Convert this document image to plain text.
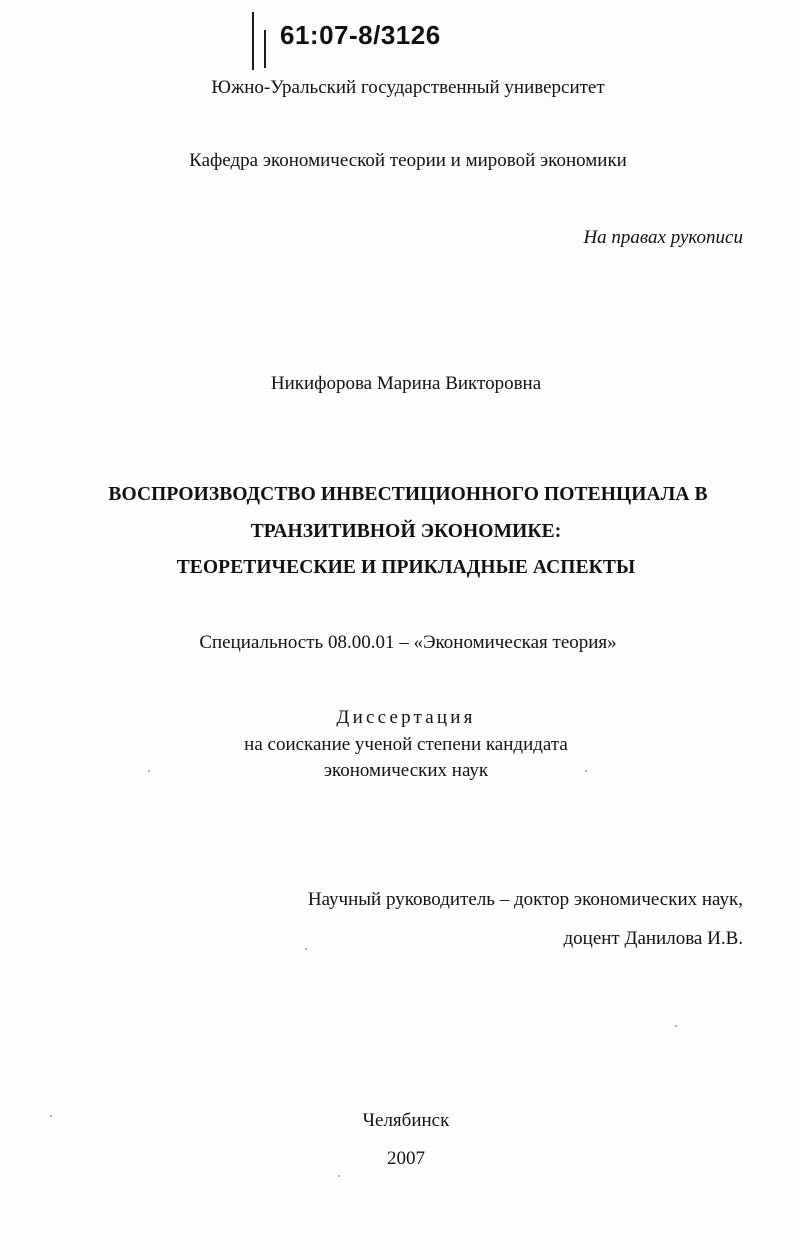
61:07-8/3126
Южно-Уральский государственный университет
Кафедра экономической теории и мировой экономики
На правах рукописи
Никифорова Марина Викторовна
ВОСПРОИЗВОДСТВО ИНВЕСТИЦИОННОГО ПОТЕНЦИАЛА В
ТРАНЗИТИВНОЙ ЭКОНОМИКЕ:
ТЕОРЕТИЧЕСКИЕ И ПРИКЛАДНЫЕ АСПЕКТЫ
Специальность 08.00.01 – «Экономическая теория»
Диссертация
на соискание ученой степени кандидата
экономических наук
Научный руководитель – доктор экономических наук,
доцент Данилова И.В.
Челябинск
2007
